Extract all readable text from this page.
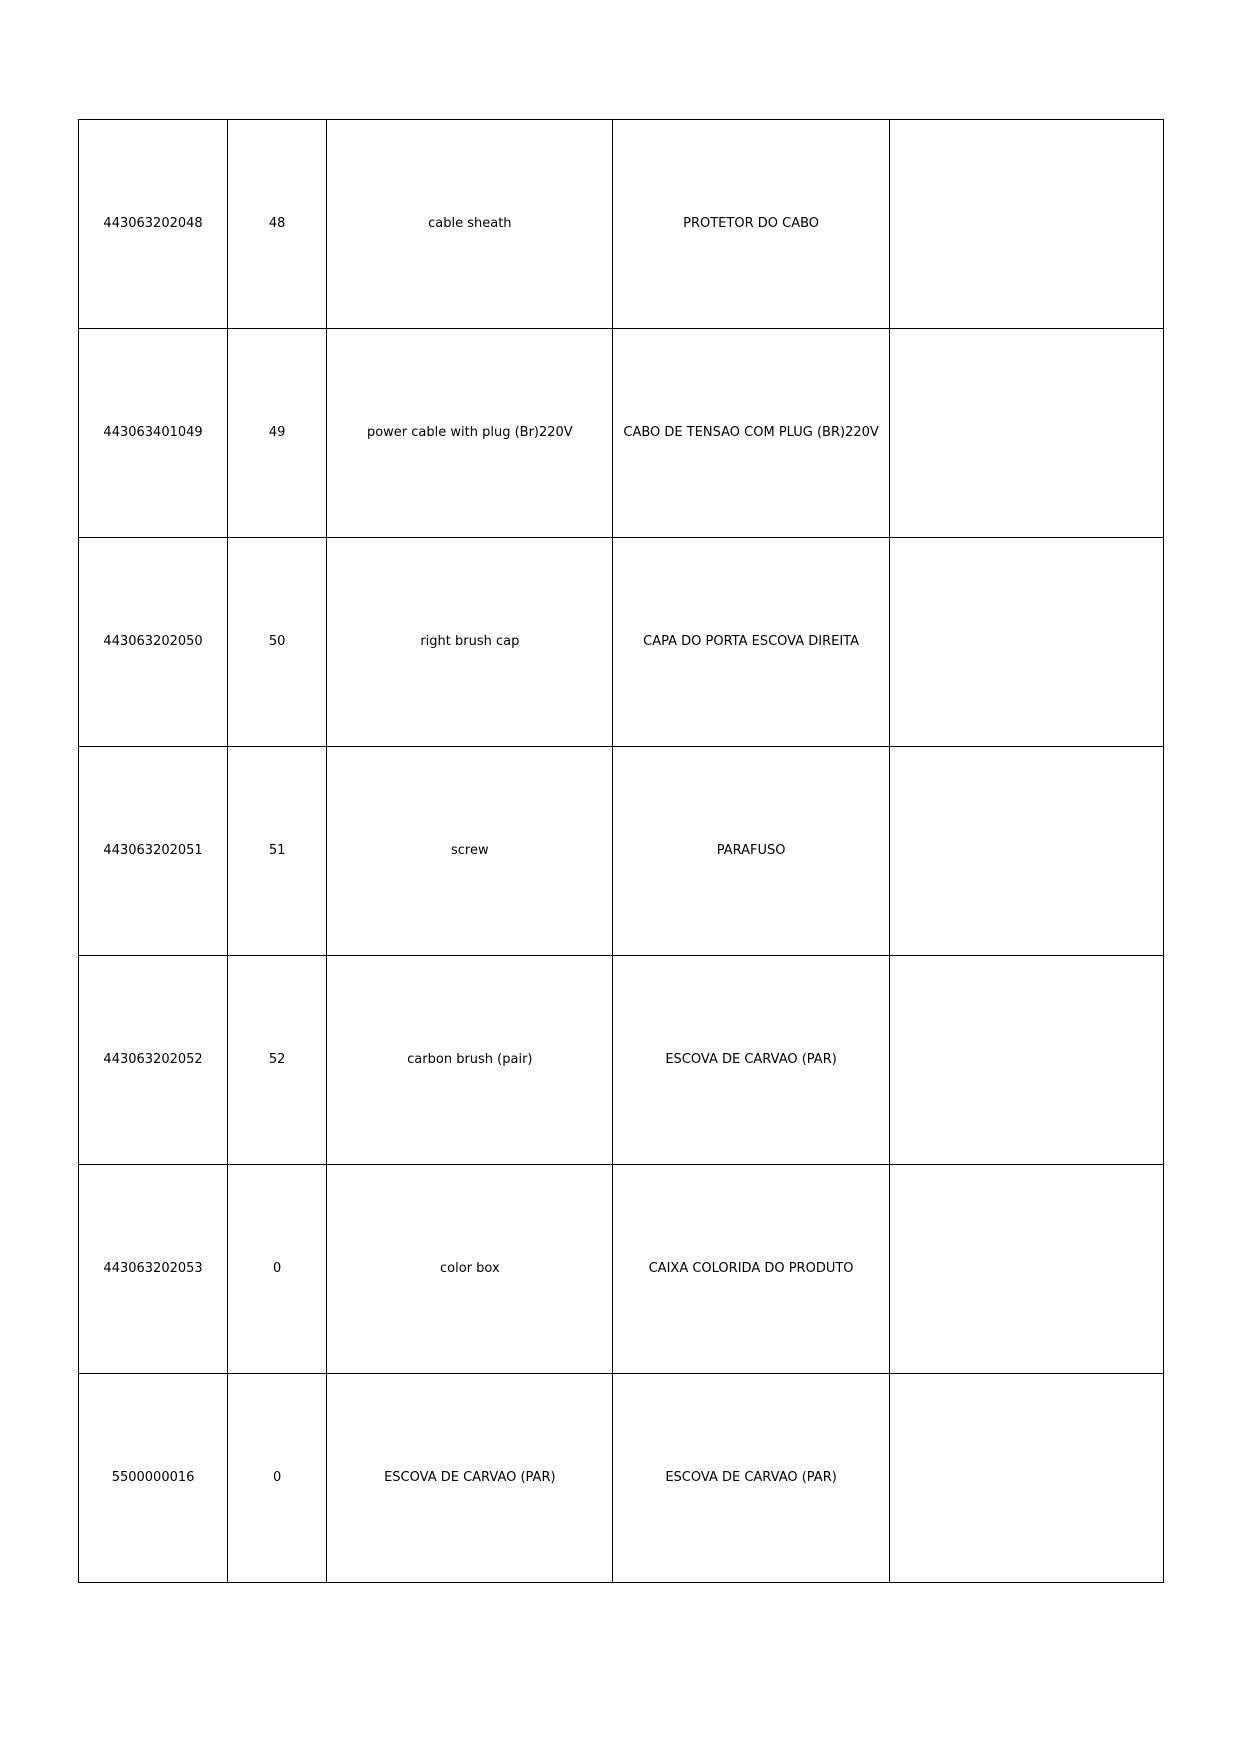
443063202048	48	cable sheath	PROTETOR DO CABO	
443063401049	49	power cable with plug (Br)220V	CABO DE TENSAO COM PLUG (BR)220V	
443063202050	50	right brush cap	CAPA DO PORTA ESCOVA DIREITA	
443063202051	51	screw	PARAFUSO	
443063202052	52	carbon brush (pair)	ESCOVA DE CARVAO (PAR)	
443063202053	0	color box	CAIXA COLORIDA DO PRODUTO	
5500000016	0	ESCOVA DE CARVAO (PAR)	ESCOVA DE CARVAO (PAR)	
